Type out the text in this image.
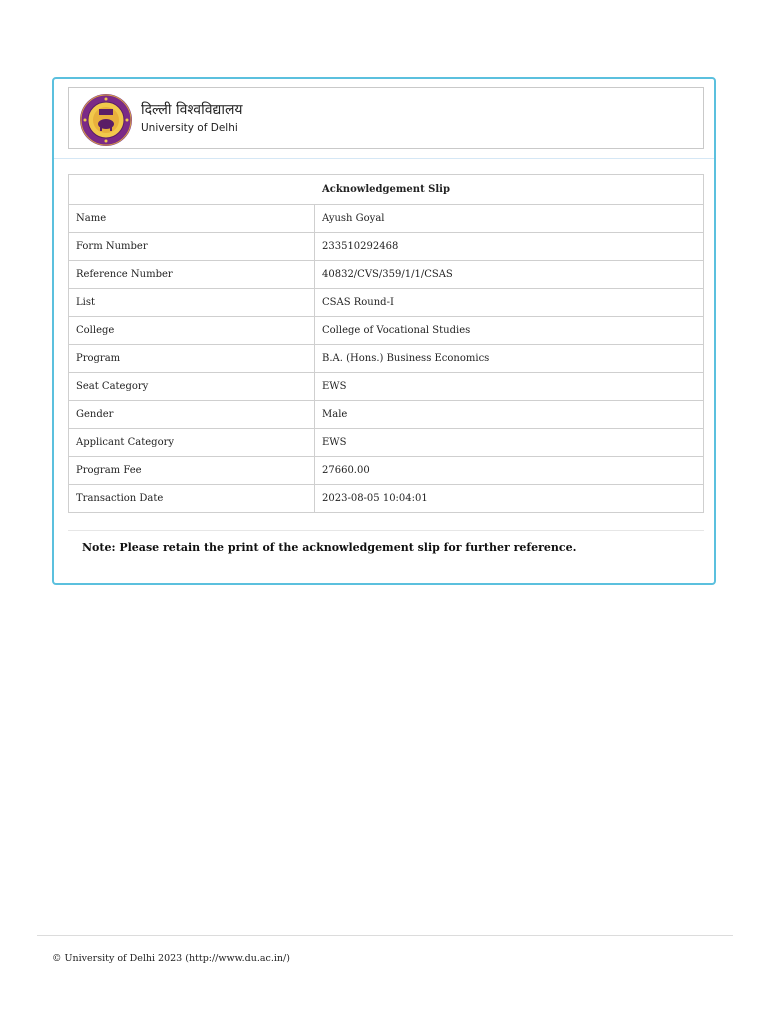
दिल्ली विश्वविद्यालय
University of Delhi
Acknowledgement Slip	
Name	Ayush Goyal
Form Number	233510292468
Reference Number	40832/CVS/359/1/1/CSAS
List	CSAS Round-I
College	College of Vocational Studies
Program	B.A. (Hons.) Business Economics
Seat Category	EWS
Gender	Male
Applicant Category	EWS
Program Fee	27660.00
Transaction Date	2023-08-05 10:04:01
Note: Please retain the print of the acknowledgement slip for further reference.
© University of Delhi 2023 (http://www.du.ac.in/)
